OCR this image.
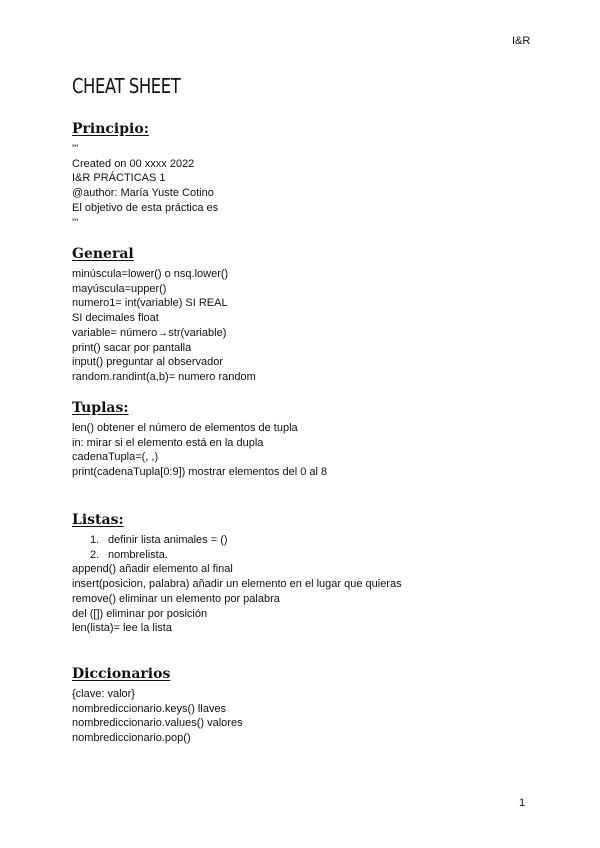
I&R
CHEAT SHEET
Principio:
'''
Created on 00 xxxx 2022
I&R PRÁCTICAS 1
@author: María Yuste Cotino
El objetivo de esta práctica es
'''
General
minúscula=lower() o nsq.lower()
mayúscula=upper()
numero1= int(variable) SI REAL
SI decimales float
variable= número→str(variable)
print() sacar por pantalla
input() preguntar al observador
random.randint(a,b)= numero random
Tuplas:
len() obtener el número de elementos de tupla
in: mirar si el elemento está en la dupla
cadenaTupla=(, ,)
print(cadenaTupla[0:9]) mostrar elementos del 0 al 8
Listas:
definir lista animales = ()
nombrelista.
append() añadir elemento al final
insert(posicion, palabra) añadir un elemento en el lugar que quieras
remove() eliminar un elemento por palabra
del ([]) eliminar por posición
len(lista)= lee la lista
Diccionarios
{clave: valor}
nombrediccionario.keys() llaves
nombrediccionario.values() valores
nombrediccionario.pop()
1
